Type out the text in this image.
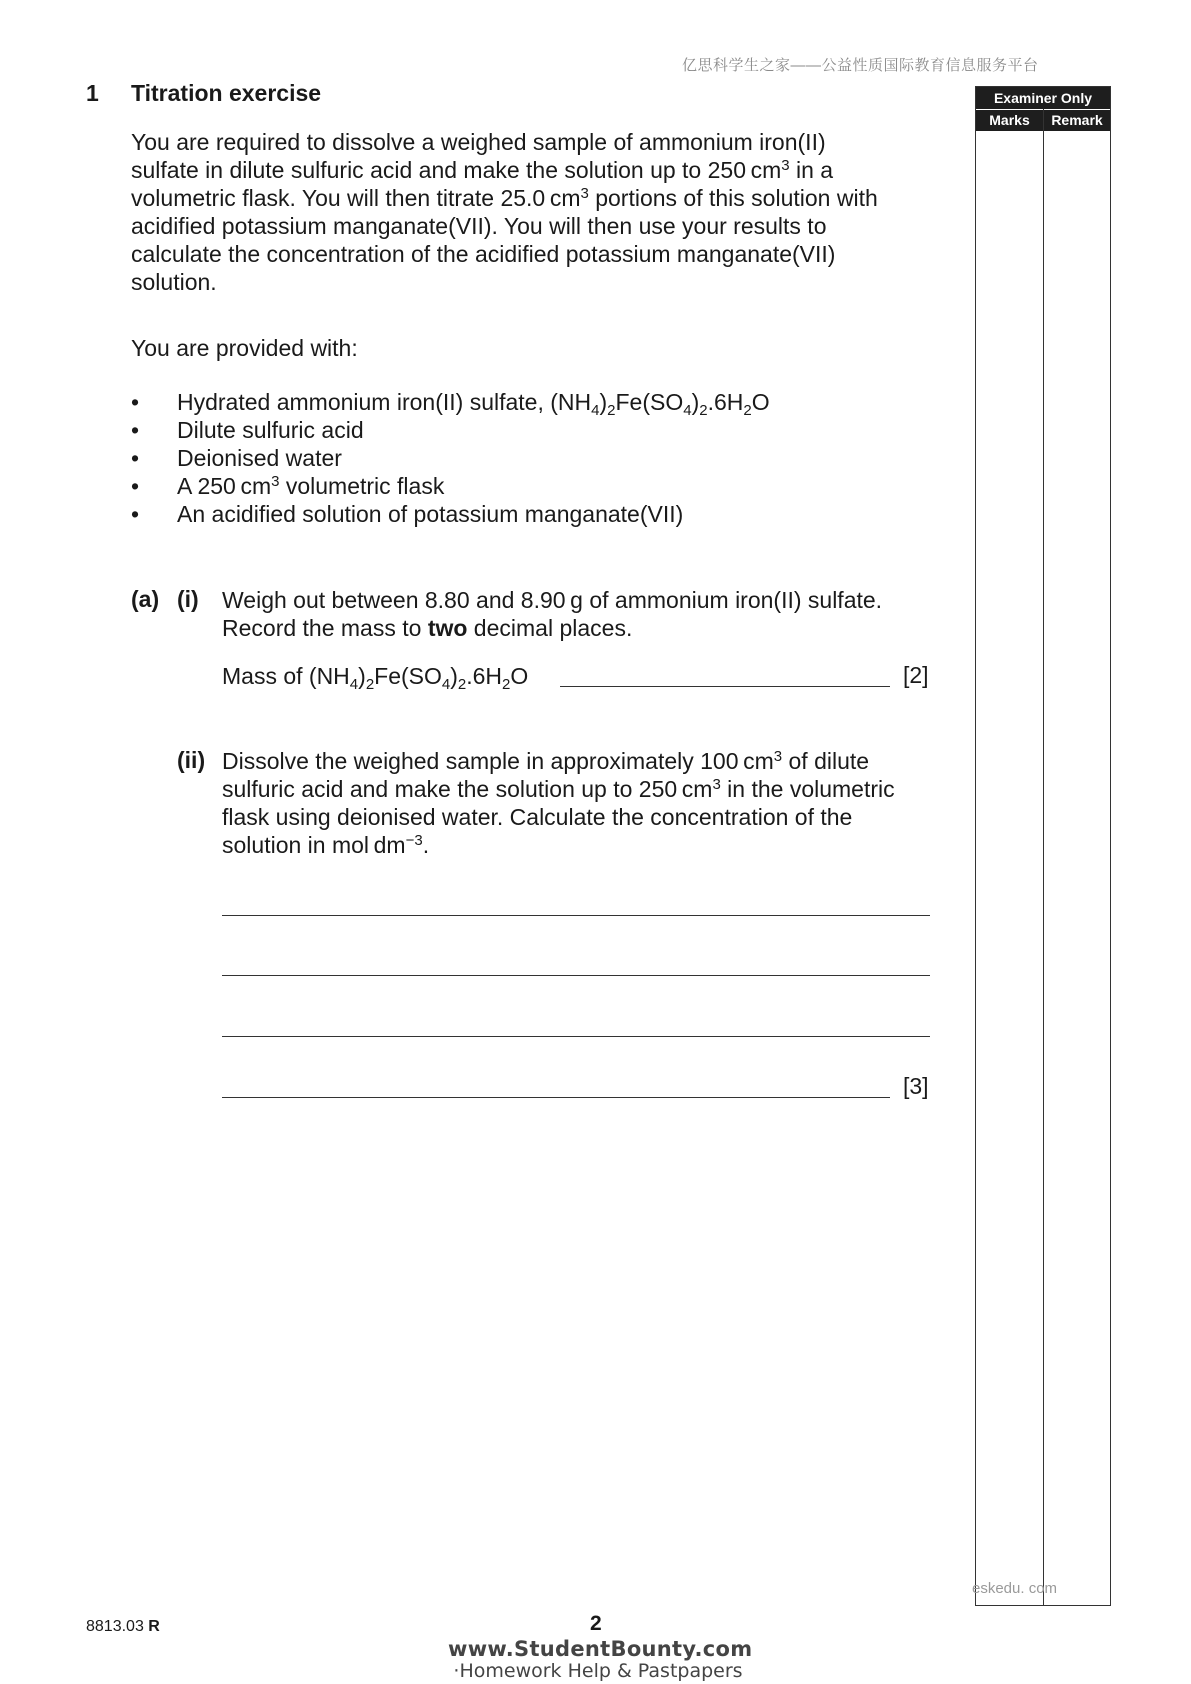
亿思科学生之家——公益性质国际教育信息服务平台
1 Titration exercise

You are required to dissolve a weighed sample of ammonium iron(II)

sulfate in dilute sulfuric acid and make the solution up to 250 $cm^3$ in a

volumetric flask. You will then titrate 25.0 $cm^3$ portions of this solution with

acidified potassium manganate(VII). You will then use your results to

calculate the concentration of the acidified potassium manganate(VII)

solution.

You are provided with:
• Hydrated ammonium iron(II) sulfate, $(NH_4)_2Fe(SO_4)_2.6H_2O$
• Dilute sulfuric acid
• Deionised water
• A 250 $cm^3$ volumetric flask
• An acidified solution of potassium manganate(VII)
(a) (i) Weigh out between 8.80 and 8.90 g of ammonium iron(II) sulfate.
Record the mass to two decimal places.
Mass of $(NH_4)_2Fe(SO_4)_2.6H_2O$	[2]
(ii) Dissolve the weighed sample in approximately 100 $cm^3$ of dilute
sulfuric acid and make the solution up to 250 $cm^3$ in the volumetric
flask using deionised water. Calculate the concentration of the
solution in mol $dm^{-3}$.
[3]
Examiner Only
Marks	Remark
eskedu. com
8813.03 R	2
www.StudentBounty.com
·Homework Help & Pastpapers
